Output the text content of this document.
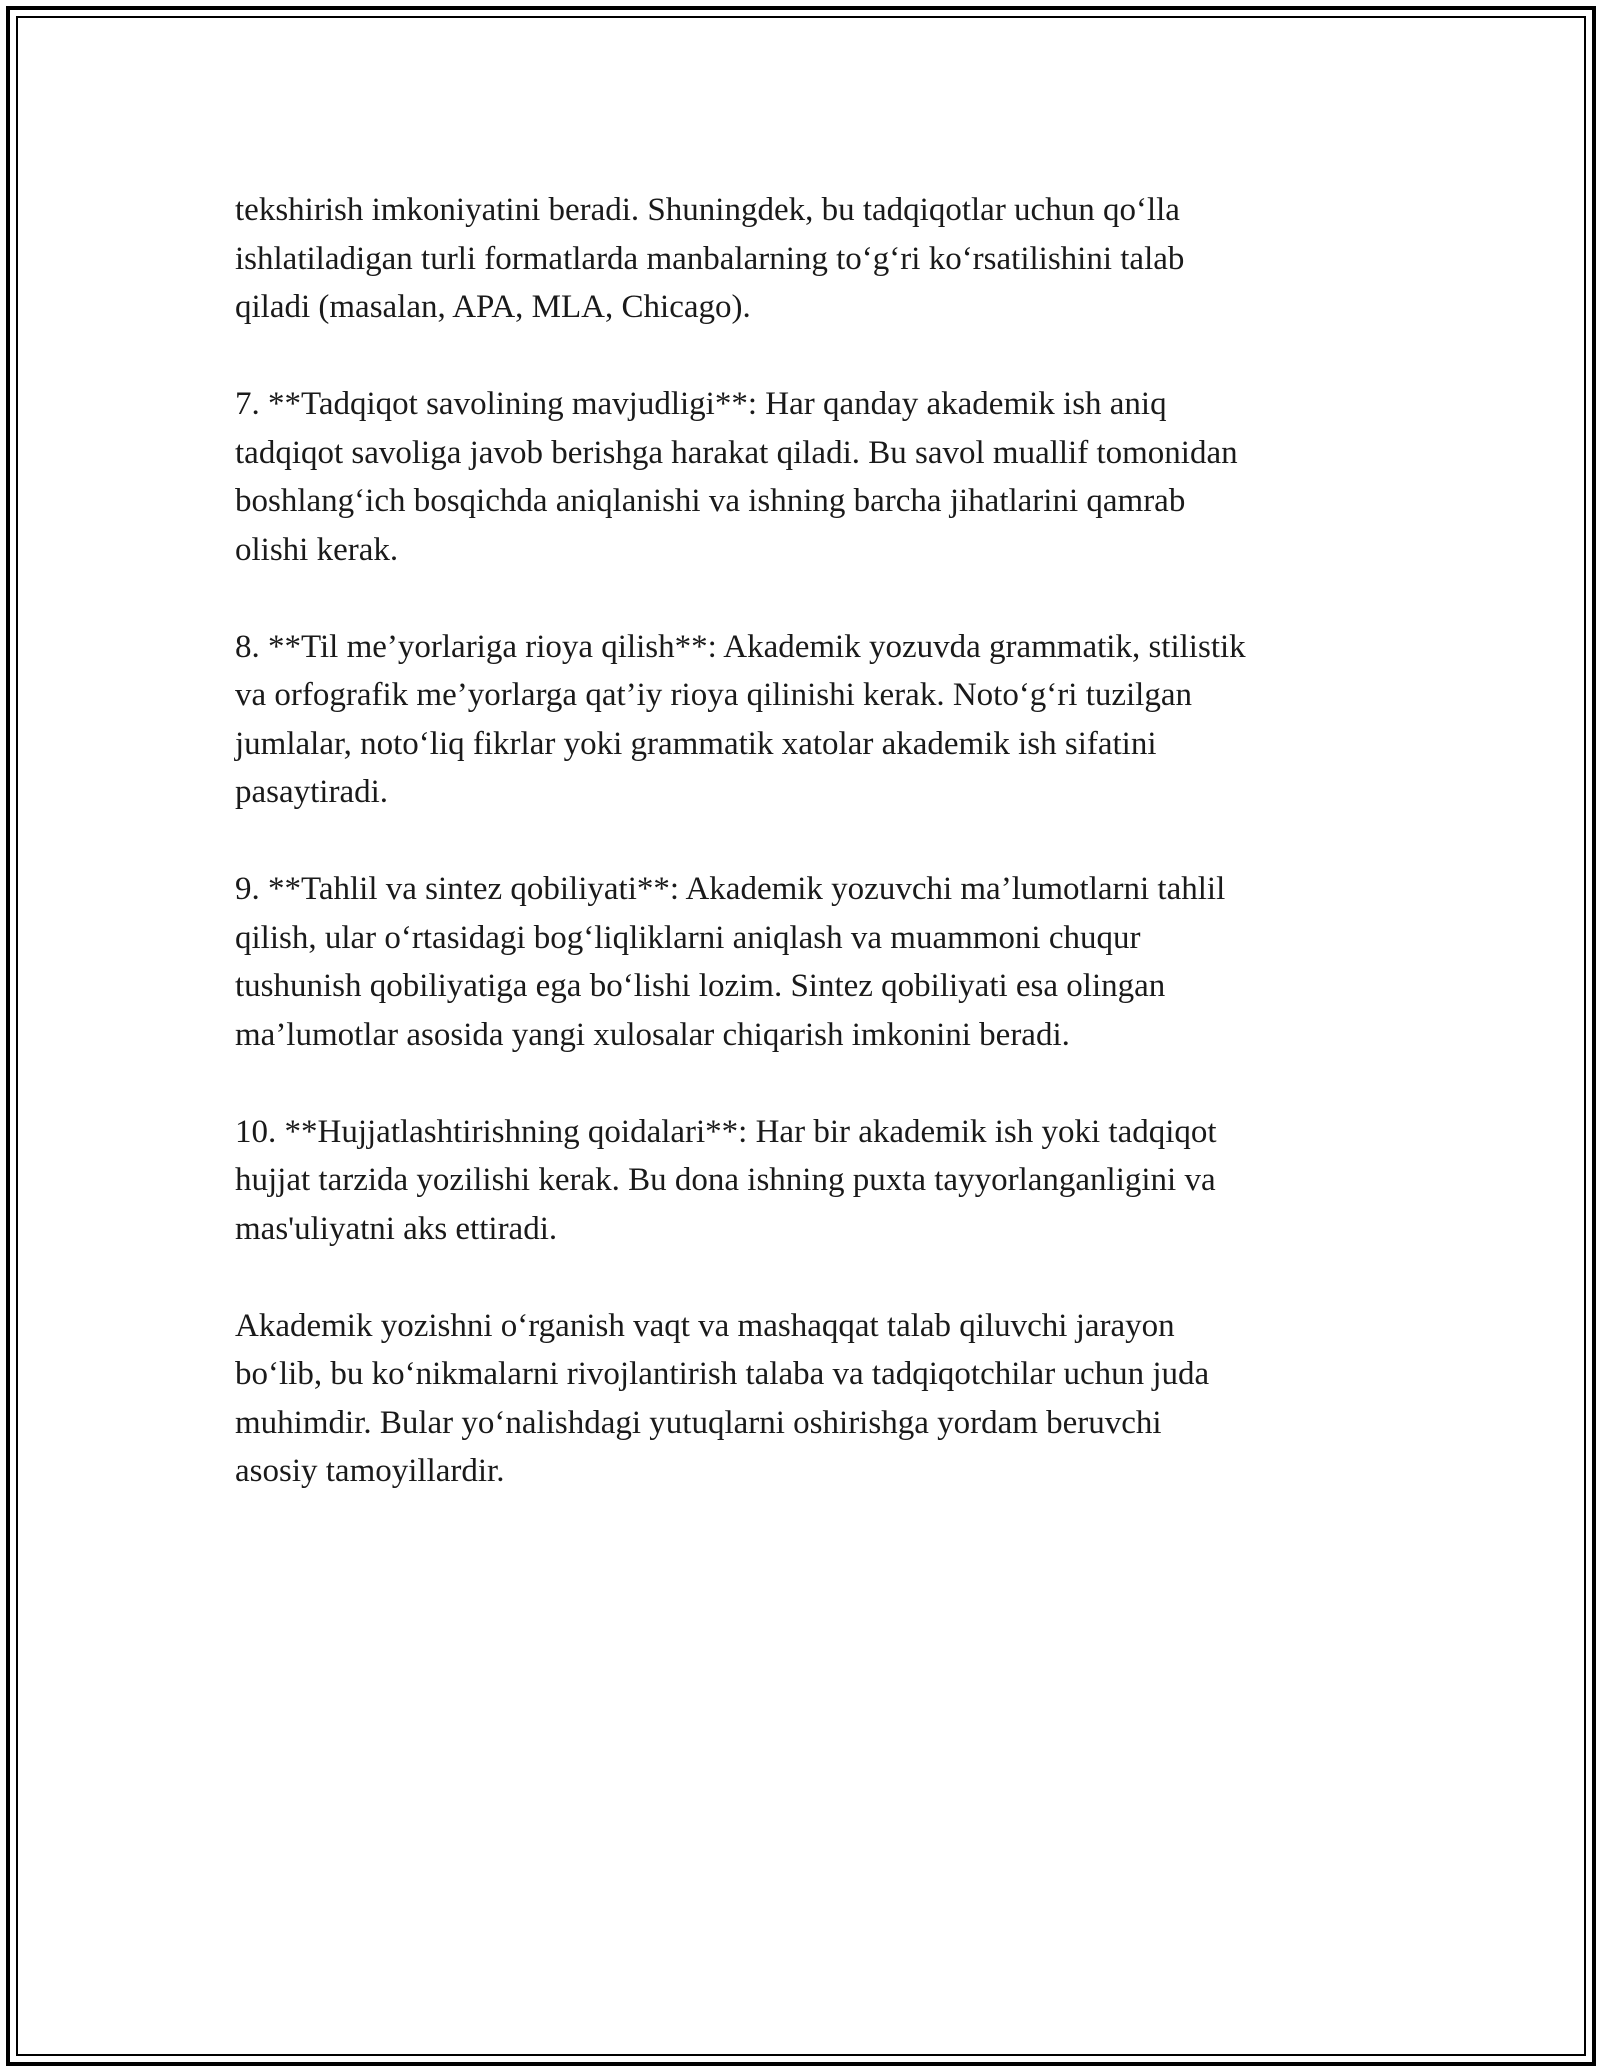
tekshirish imkoniyatini beradi. Shuningdek, bu tadqiqotlar uchun qo‘lla
ishlatiladigan turli formatlarda manbalarning to‘g‘ri ko‘rsatilishini talab
qiladi (masalan, APA, MLA, Chicago).

7. **Tadqiqot savolining mavjudligi**: Har qanday akademik ish aniq
tadqiqot savoliga javob berishga harakat qiladi. Bu savol muallif tomonidan
boshlang‘ich bosqichda aniqlanishi va ishning barcha jihatlarini qamrab
olishi kerak.

8. **Til me’yorlariga rioya qilish**: Akademik yozuvda grammatik, stilistik
va orfografik me’yorlarga qat’iy rioya qilinishi kerak. Noto‘g‘ri tuzilgan
jumlalar, noto‘liq fikrlar yoki grammatik xatolar akademik ish sifatini
pasaytiradi.

9. **Tahlil va sintez qobiliyati**: Akademik yozuvchi ma’lumotlarni tahlil
qilish, ular o‘rtasidagi bog‘liqliklarni aniqlash va muammoni chuqur
tushunish qobiliyatiga ega bo‘lishi lozim. Sintez qobiliyati esa olingan
ma’lumotlar asosida yangi xulosalar chiqarish imkonini beradi.

10. **Hujjatlashtirishning qoidalari**: Har bir akademik ish yoki tadqiqot
hujjat tarzida yozilishi kerak. Bu dona ishning puxta tayyorlanganligini va
mas'uliyatni aks ettiradi.

Akademik yozishni o‘rganish vaqt va mashaqqat talab qiluvchi jarayon
bo‘lib, bu ko‘nikmalarni rivojlantirish talaba va tadqiqotchilar uchun juda
muhimdir. Bular yo‘nalishdagi yutuqlarni oshirishga yordam beruvchi
asosiy tamoyillardir.
